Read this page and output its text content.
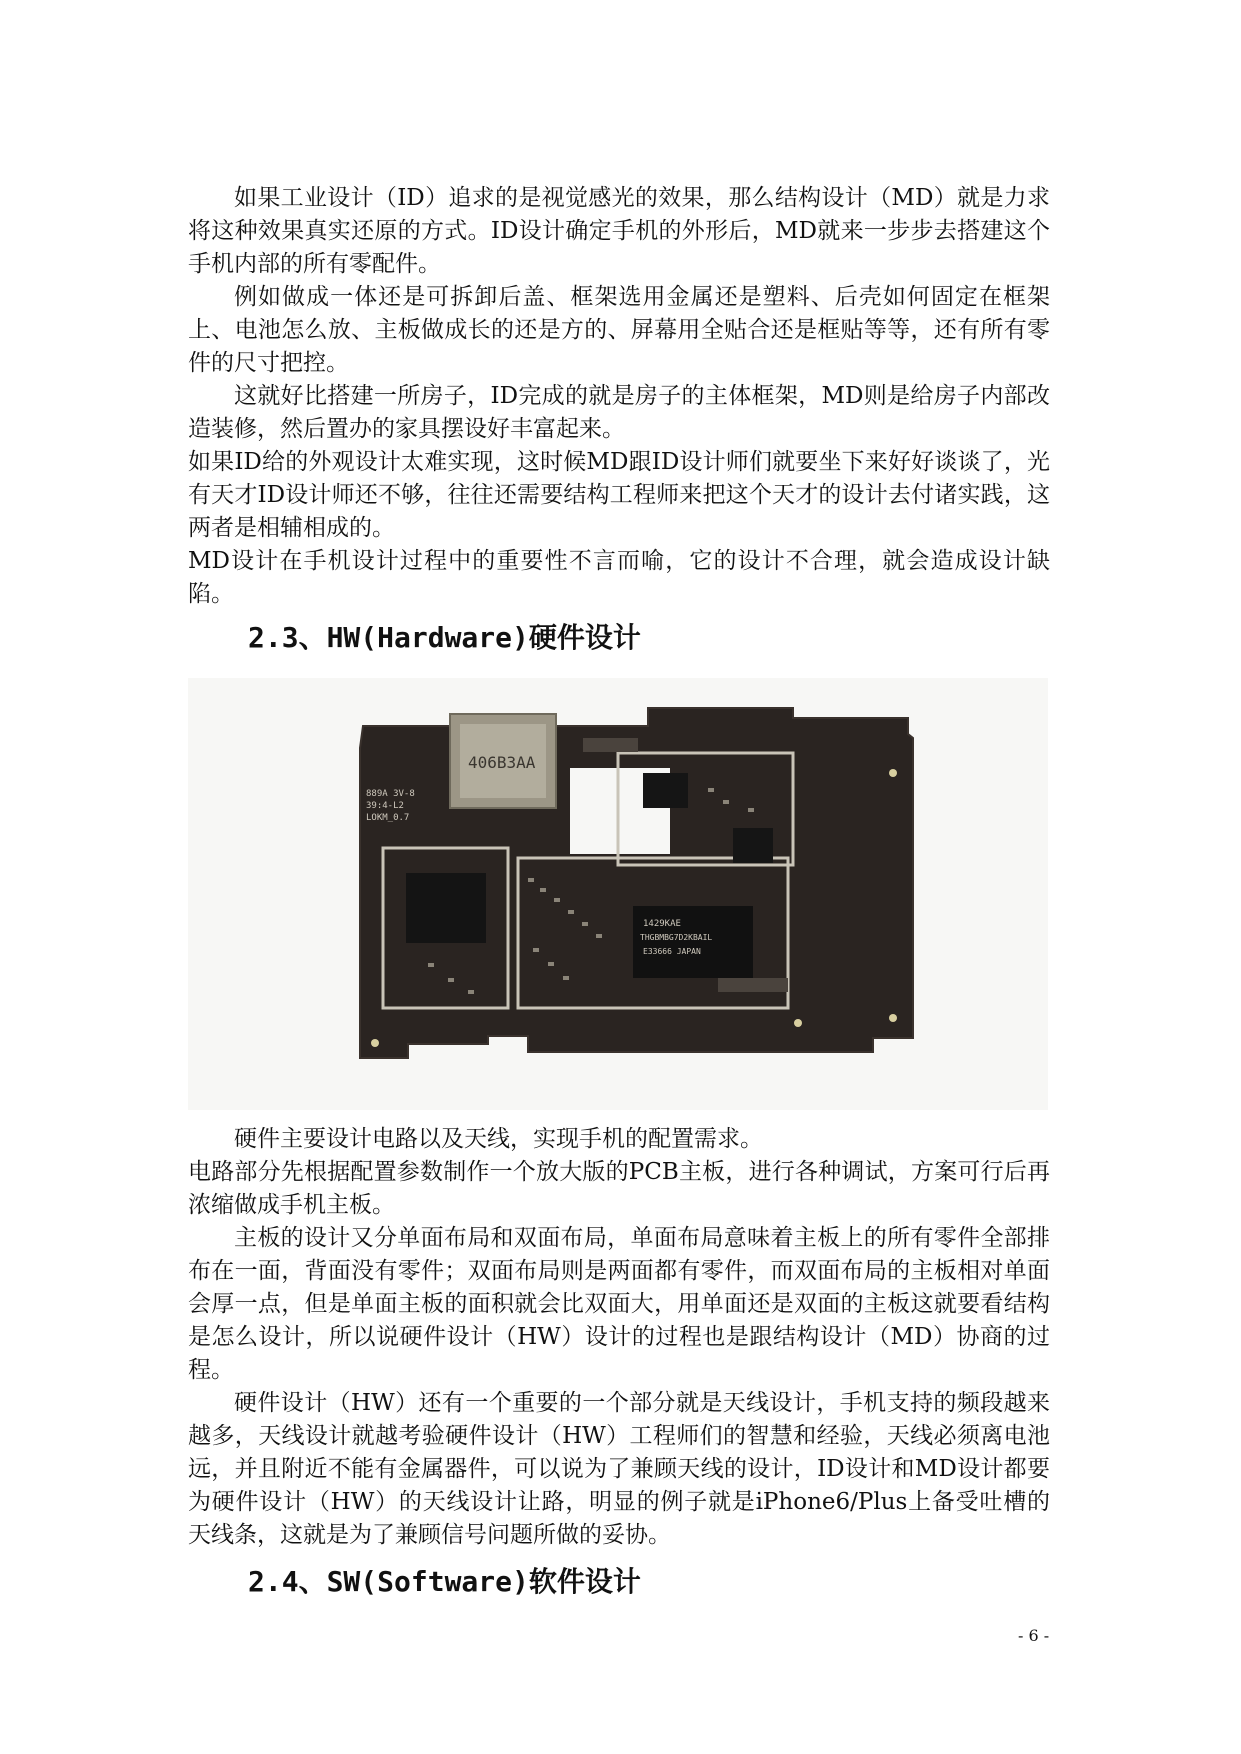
如果工业设计（ID）追求的是视觉感光的效果，那么结构设计（MD）就是力求将这种效果真实还原的方式。ID设计确定手机的外形后，MD就来一步步去搭建这个手机内部的所有零配件。

例如做成一体还是可拆卸后盖、框架选用金属还是塑料、后壳如何固定在框架上、电池怎么放、主板做成长的还是方的、屏幕用全贴合还是框贴等等，还有所有零件的尺寸把控。

这就好比搭建一所房子，ID完成的就是房子的主体框架，MD则是给房子内部改造装修，然后置办的家具摆设好丰富起来。

如果ID给的外观设计太难实现，这时候MD跟ID设计师们就要坐下来好好谈谈了，光有天才ID设计师还不够，往往还需要结构工程师来把这个天才的设计去付诸实践，这两者是相辅相成的。

MD设计在手机设计过程中的重要性不言而喻，它的设计不合理，就会造成设计缺陷。

2.3、HW(Hardware)硬件设计
406B3AA
889A 3V-8
39:4-L2
LOKM_0.7
1429KAE
THGBMBG7D2KBAIL
E33666 JAPAN

硬件主要设计电路以及天线，实现手机的配置需求。

电路部分先根据配置参数制作一个放大版的PCB主板，进行各种调试，方案可行后再浓缩做成手机主板。

主板的设计又分单面布局和双面布局，单面布局意味着主板上的所有零件全部排布在一面，背面没有零件；双面布局则是两面都有零件，而双面布局的主板相对单面会厚一点，但是单面主板的面积就会比双面大，用单面还是双面的主板这就要看结构是怎么设计，所以说硬件设计（HW）设计的过程也是跟结构设计（MD）协商的过程。

硬件设计（HW）还有一个重要的一个部分就是天线设计，手机支持的频段越来越多，天线设计就越考验硬件设计（HW）工程师们的智慧和经验，天线必须离电池远，并且附近不能有金属器件，可以说为了兼顾天线的设计，ID设计和MD设计都要为硬件设计（HW）的天线设计让路，明显的例子就是iPhone6/Plus上备受吐槽的天线条，这就是为了兼顾信号问题所做的妥协。

2.4、SW(Software)软件设计
- 6 -
